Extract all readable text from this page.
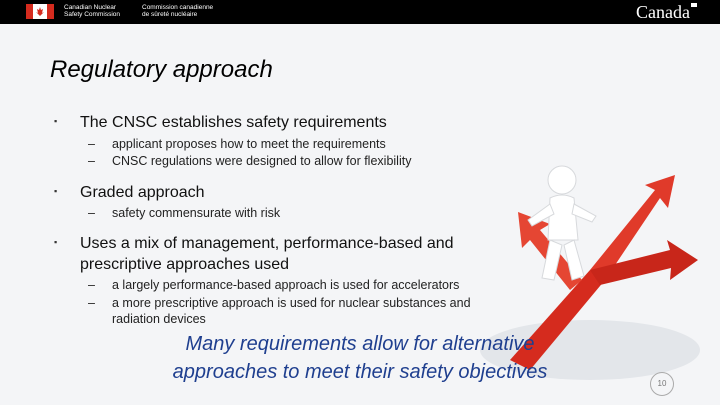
Canadian Nuclear
Safety Commission
Commission canadienne
de sûreté nucléaire	Canada
Regulatory approach
▪ The CNSC establishes safety requirements
– applicant proposes how to meet the requirements
– CNSC regulations were designed to allow for flexibility
▪ Graded approach
– safety commensurate with risk
▪ Uses a mix of management, performance-based and prescriptive approaches used
– a largely performance-based approach is used for accelerators
– a more prescriptive approach is used for nuclear substances and radiation devices
Many requirements allow for alternative approaches to meet their safety objectives
10
